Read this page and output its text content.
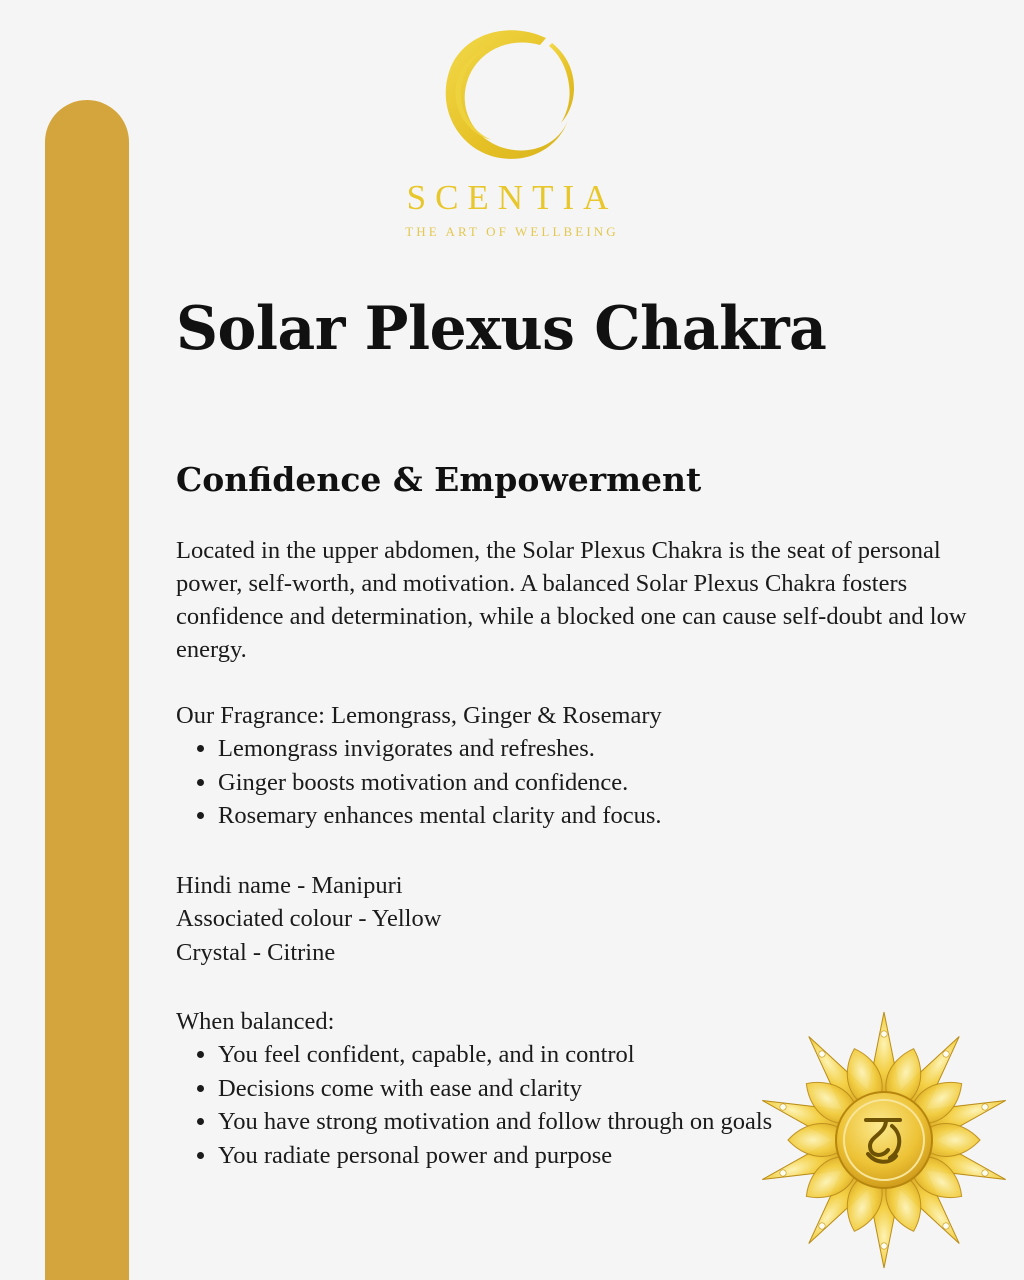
SCENTIA
THE ART OF WELLBEING
Solar Plexus Chakra
Confidence & Empowerment

Located in the upper abdomen, the Solar Plexus Chakra is the seat of personal power, self-worth, and motivation. A balanced Solar Plexus Chakra fosters confidence and determination, while a blocked one can cause self-doubt and low energy.

Our Fragrance: Lemongrass, Ginger & Rosemary
• Lemongrass invigorates and refreshes.
• Ginger boosts motivation and confidence.
• Rosemary enhances mental clarity and focus.
Hindi name - Manipuri
Associated colour - Yellow
Crystal - Citrine
When balanced:
• You feel confident, capable, and in control
• Decisions come with ease and clarity
• You have strong motivation and follow through on goals
• You radiate personal power and purpose
